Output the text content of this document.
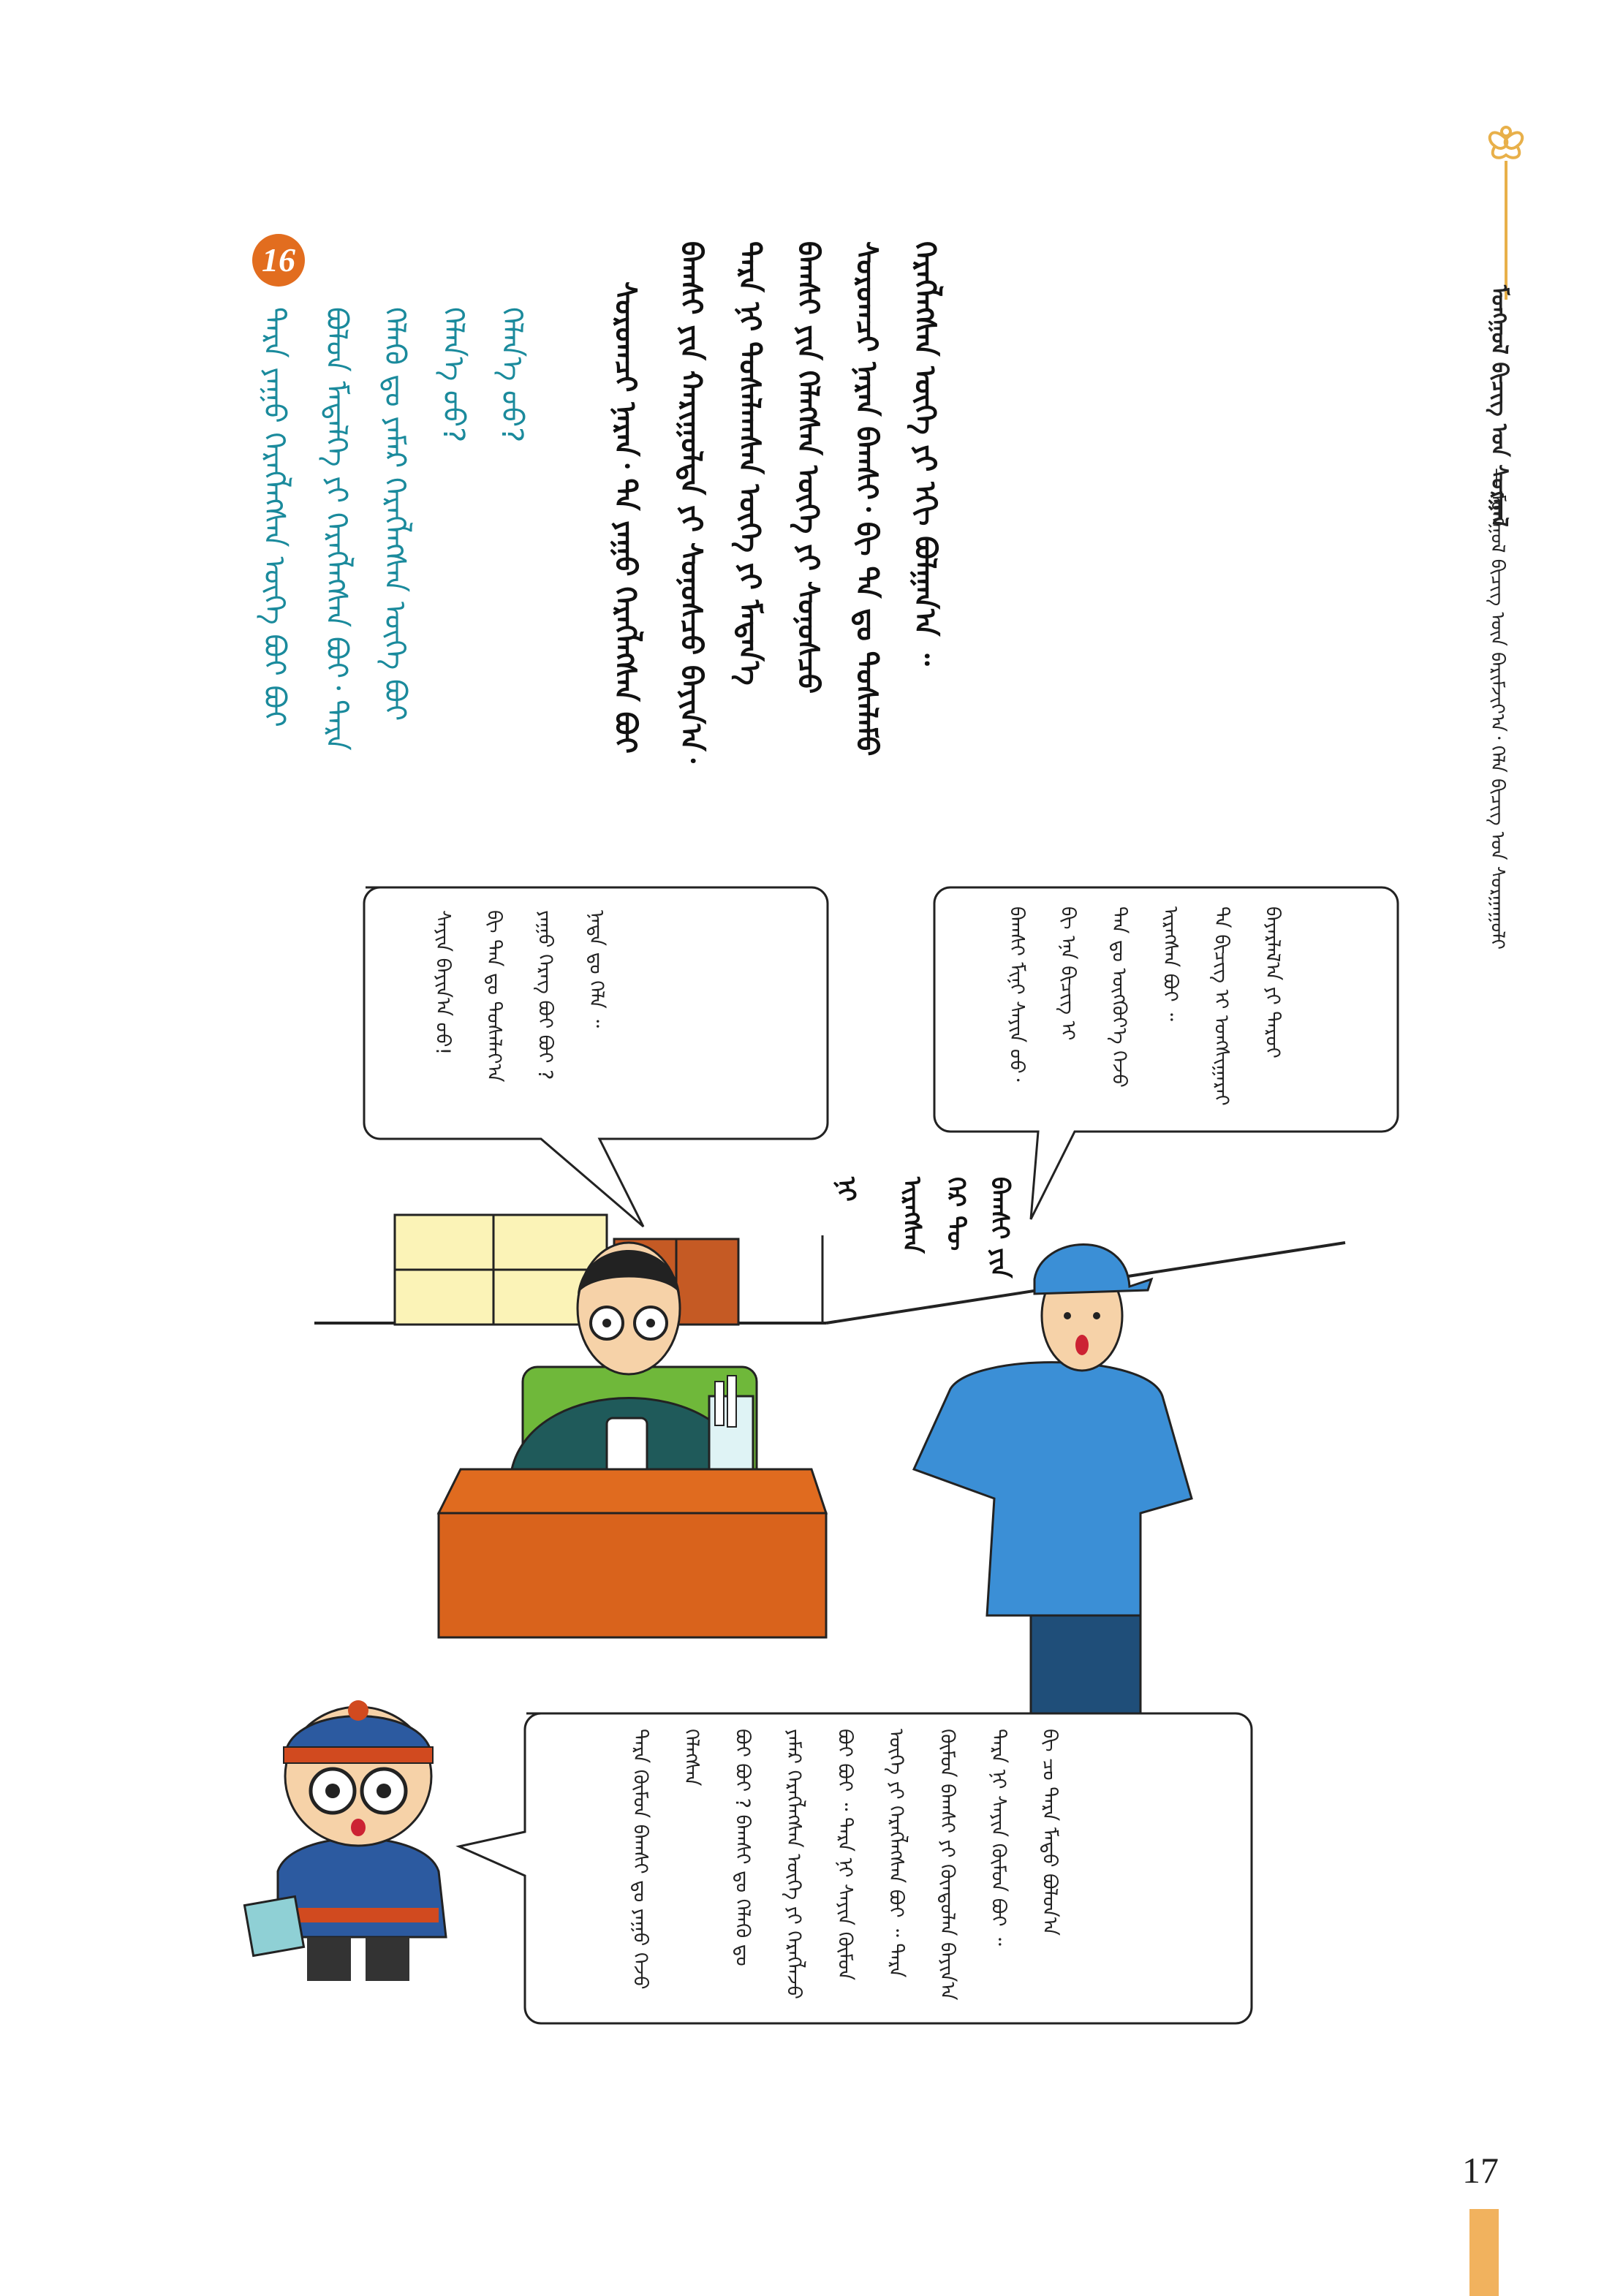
ᠮᠣᠩᠭᠣᠯ ᠪᠢᠴᠢᠭ᠌ ᠤᠨ ᠰᠤᠷᠭᠠᠯ
— ᠮᠣᠩᠭᠣᠯ ᠪᠢᠴᠢᠭ᠌ ᠦᠨ ᠪᠠᠷᠢᠮᠵᠢᠶ᠎ᠠ᠂ ᠬᠡᠯᠡ ᠪᠢᠴᠢᠭ᠌ ᠤᠨ ᠰᠤᠷᠭᠠᠭᠤᠯᠢ
ᠬᠡᠷᠡᠭᠯᠡᠭᠰᠡᠨ ᠦᠭᠡ ᠶᠢ ᠡᠬᠢ ᠪᠤᠯᠭᠠᠨ᠎ᠠ ᠃
ᠰᠤᠷᠤᠭᠴᠢ ᠨᠠᠷᠠᠨ ᠪᠠᠭᠰᠢ᠂ ᠪᠢ ᠲᠠ ᠳᠤ ᠲᠤᠰᠠᠯᠠᠮᠤ
ᠪᠠᠭᠰᠢ ᠶᠢᠨ ᠬᠡᠯᠡᠭᠰᠡᠨ ᠦᠭᠡ ᠶᠢ ᠰᠤᠨᠤᠰᠴᠤ
ᠲᠡᠷᠡ ᠨᠢ ᠲᠤᠰᠠᠯᠠᠭᠰᠠᠨ ᠦᠭᠡ ᠶᠢ ᠮᠡᠳᠡᠨ᠎ᠡ
ᠪᠠᠭᠰᠢ ᠶᠢᠨ ᠬᠠᠷᠢᠭᠤᠯᠲᠠ ᠶᠢ ᠰᠤᠨᠤᠰᠴᠤ ᠪᠠᠶᠢᠨ᠎ᠠ᠂
ᠰᠤᠷᠤᠭᠴᠢ ᠨᠠᠷᠠᠨ᠂ ᠲᠠ ᠶᠠᠭᠤ ᠬᠡᠷᠡᠭᠯᠡᠭᠰᠡᠨ ᠪᠤᠢ
16
ᠲᠡᠷᠡ ᠶᠠᠭᠤ ᠬᠡᠷᠡᠭᠯᠡᠭᠰᠡᠨ ᠦᠭᠡ ᠪᠤᠢ ᠪᠤᠢ ᠪᠣᠯᠤᠨ ᠮᠡᠳᠡᠯᠭᠡ ᠶᠢ ᠬᠡᠷᠡᠭᠯᠡᠭᠰᠡᠨ ᠪᠤᠢ᠂ ᠲᠡᠷᠡ ᠬᠡᠯᠡᠬᠦ ᠳᠤ ᠶᠠᠮᠠᠷ ᠬᠡᠷᠡᠭᠯᠡᠭᠰᠡᠨ ᠦᠭᠡ ᠪᠤᠢ ᠬᠡᠯᠡᠨ᠎ᠡ ᠦᠦ? ᠬᠡᠯᠡᠨ᠎ᠡ ᠦᠦ?
ᠰᠠᠶᠢᠨ ᠪᠠᠶᠢᠨ᠎ᠠ ᠤᠤ!	ᠪᠢ ᠲᠠᠨ ᠳᠤ ᠲᠤᠰᠠᠯᠠᠶ᠎ᠠ	ᠶᠠᠭᠤ ᠬᠡᠷᠡᠭ ᠪᠤᠢ ᠪᠤᠢ ?	ᠨᠠᠳᠠ ᠳᠤ ᠬᠡᠯᠡ ᠃	ᠪᠠᠭᠰᠢ ᠮᠢᠨᠢ ᠰᠠᠶᠢᠨ ᠤᠤ᠂	ᠪᠢ ᠡᠨᠡ ᠪᠢᠴᠢᠭ ᠢ	ᠲᠠᠨ ᠳᠤ ᠦᠭᠭᠦᠶ᠎ᠡ ᠭᠡᠵᠦ	ᠢᠷᠡᠭᠰᠡᠨ ᠪᠤᠢ ᠃	ᠲᠠ ᠪᠢᠴᠢᠭ ᠢ ᠤᠩᠰᠢᠭᠠᠷᠠᠢ	ᠪᠠᠶᠠᠷᠯᠠᠯ᠎ᠠ ᠶᠢ ᠳᠠᠷᠤᠢ
ᠪᠠᠭᠰᠢ ᠶᠢᠨ
ᠭᠡᠷ ᠲᠦ
ᠢᠷᠡᠭᠰᠡᠨ
ᠨᠢ
ᠲᠡᠷᠡ ᠬᠦᠮᠦᠨ ᠪᠠᠭᠰᠢ ᠳᠤ ᠶᠠᠭᠤ ᠭᠡᠵᠦ ᠬᠡᠯᠡᠭᠰᠡᠨ	ᠪᠤᠢ ᠪᠤᠢ ? ᠪᠠᠭᠰᠢ ᠳᠤ ᠬᠡᠯᠡᠬᠦ ᠳᠤ	ᠶᠠᠮᠠᠷ ᠬᠡᠷᠡᠭᠯᠡᠭᠰᠡᠨ ᠦᠭᠡ ᠶᠢ ᠬᠡᠷᠡᠭᠯᠡᠵᠦ	ᠪᠤᠢ ᠪᠤᠢ ᠃ ᠲᠡᠷᠡ ᠨᠢ ᠰᠠᠶᠢᠨ ᠬᠦᠮᠦᠨ	ᠦᠭᠡ ᠶᠢ ᠬᠡᠷᠡᠭᠯᠡᠭᠰᠡᠨ ᠪᠤᠢ ᠃ ᠲᠡᠷᠡ	ᠬᠦᠮᠦᠨ ᠪᠠᠭᠰᠢ ᠶᠢ ᠬᠦᠨᠳᠦᠯᠡᠨ ᠪᠠᠶᠢᠨ᠎ᠠ	ᠲᠡᠷᠡ ᠨᠢ ᠰᠠᠶᠢᠨ ᠬᠦᠮᠦᠨ ᠪᠤᠢ ᠃	ᠪᠢ ᠴᠤ ᠲᠡᠷᠡ ᠮᠡᠲᠦ ᠪᠣᠯᠤᠨ᠎ᠠ
17
